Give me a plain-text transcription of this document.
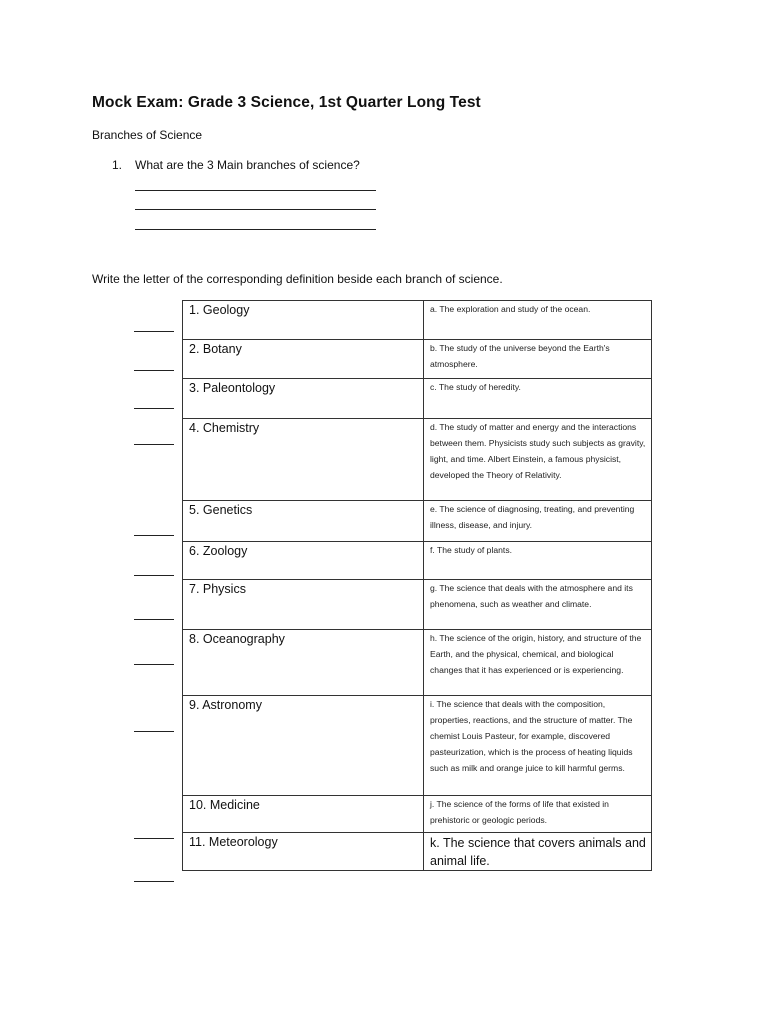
Mock Exam: Grade 3 Science, 1st Quarter Long Test
Branches of Science
1. What are the 3 Main branches of science?
Write the letter of the corresponding definition beside each branch of science.
1. Geology	a. The exploration and study of the ocean.
2. Botany	b. The study of the universe beyond the Earth's atmosphere.
3. Paleontology	c. The study of heredity.
4. Chemistry	d. The study of matter and energy and the interactions between them. Physicists study such subjects as gravity, light, and time. Albert Einstein, a famous physicist, developed the Theory of Relativity.
5. Genetics	e. The science of diagnosing, treating, and preventing illness, disease, and injury.
6. Zoology	f. The study of plants.
7. Physics	g. The science that deals with the atmosphere and its phenomena, such as weather and climate.
8. Oceanography	h. The science of the origin, history, and structure of the Earth, and the physical, chemical, and biological changes that it has experienced or is experiencing.
9. Astronomy	i. The science that deals with the composition, properties, reactions, and the structure of matter. The chemist Louis Pasteur, for example, discovered pasteurization, which is the process of heating liquids such as milk and orange juice to kill harmful germs.
10. Medicine	j. The science of the forms of life that existed in prehistoric or geologic periods.
11. Meteorology	k. The science that covers animals and animal life.
